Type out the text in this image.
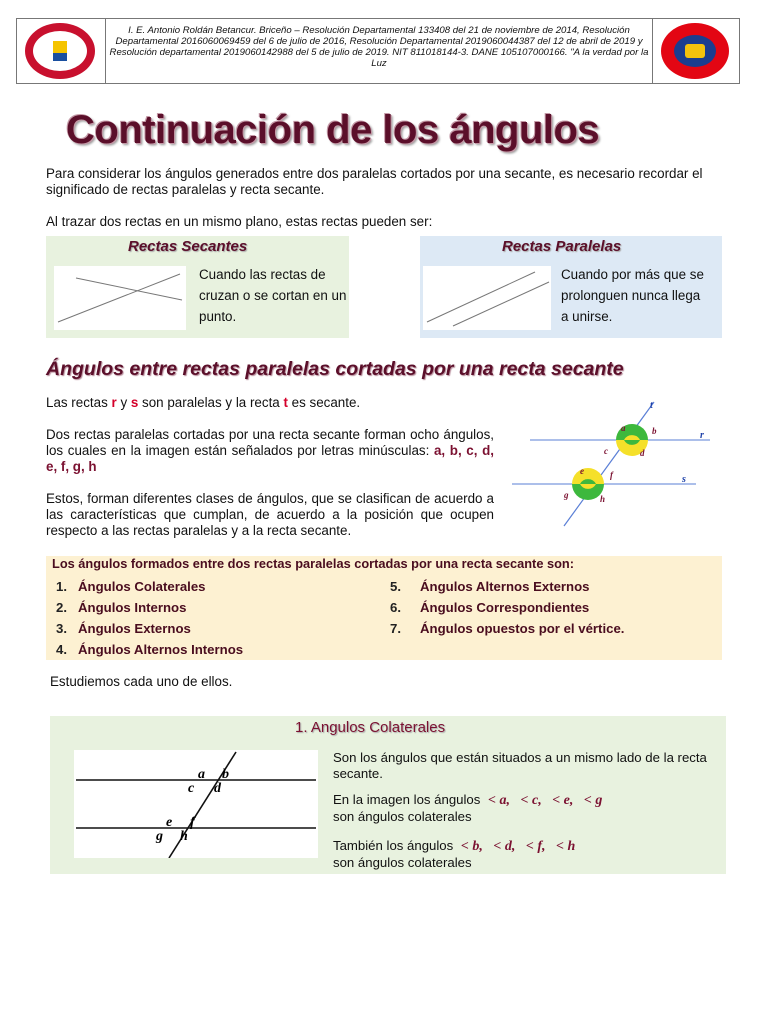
I. E. Antonio Roldán Betancur. Briceño – Resolución Departamental 133408 del 21 de noviembre de 2014, Resolución Departamental 2016060069459 del 6 de julio de 2016, Resolución Departamental 2019060044387 del 12 de abril de 2019 y Resolución departamental 2019060142988 del 5 de julio de 2019. NIT 811018144-3. DANE 105107000166. "A la verdad por la Luz
Continuación de los ángulos
Para considerar los ángulos generados entre dos paralelas cortados por una secante, es necesario recordar el significado de rectas paralelas y recta secante.
Al trazar dos rectas en un mismo plano, estas rectas pueden ser:
Rectas Secantes
Cuando las rectas de cruzan o se cortan en un punto.
Rectas Paralelas
Cuando por más que se prolonguen nunca llega a unirse.
Ángulos entre rectas paralelas cortadas por una recta secante
Las rectas r y s son paralelas y la recta t es secante.
Dos rectas paralelas cortadas por una recta secante forman ocho ángulos, los cuales en la imagen están señalados por letras minúsculas: a, b, c, d, e, f, g, h
Estos, forman diferentes clases de ángulos, que se clasifican de acuerdo a las características que cumplan, de acuerdo a la posición que ocupen respecto a las rectas paralelas y a la recta secante.
t
r
s
a	b
c	d
e	f
g	h
Los ángulos formados entre dos rectas paralelas cortadas por una recta secante son:
1. Ángulos Colaterales
2. Ángulos Internos
3. Ángulos Externos
4. Ángulos Alternos Internos
5. Ángulos Alternos Externos
6. Ángulos Correspondientes
7. Ángulos opuestos por el vértice.
Estudiemos cada uno de ellos.
1. Angulos Colaterales
a b
c d
e f
g h
Son los ángulos que están situados a un mismo lado de la recta secante.
En la imagen los ángulos < a,   < c,   < e,   < g
son ángulos colaterales
También los ángulos < b,   < d,   < f,   < h
son ángulos colaterales
